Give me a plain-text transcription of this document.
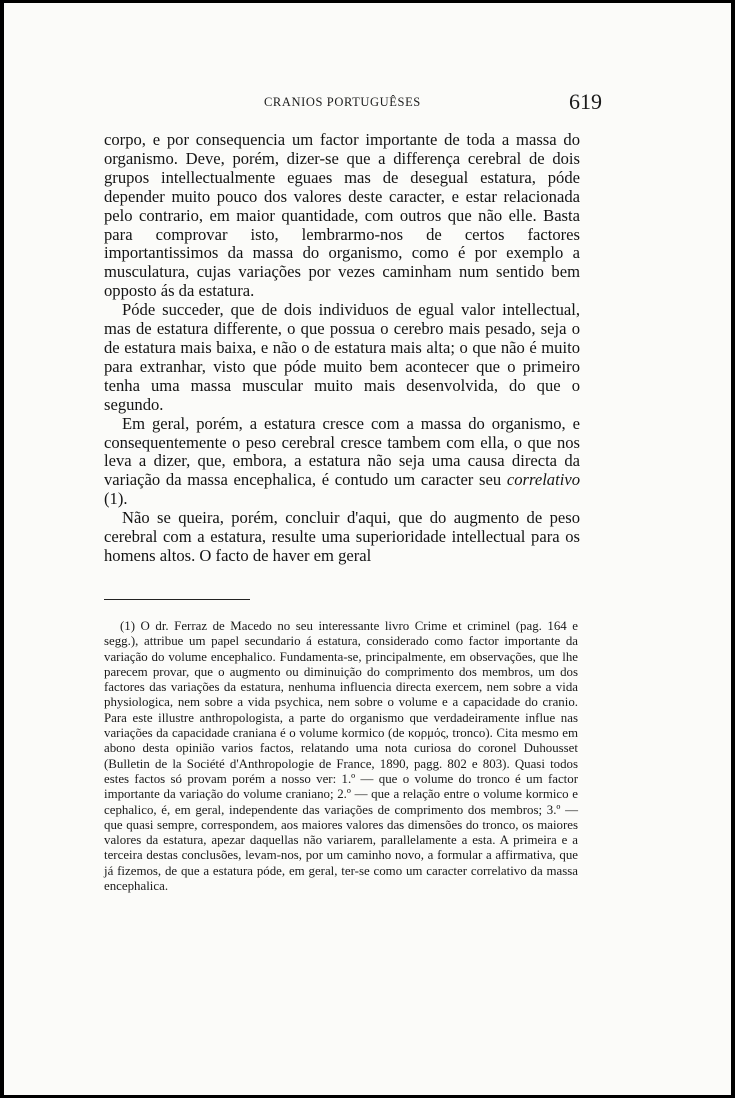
CRANIOS PORTUGUÊSES	619

corpo, e por consequencia um factor importante de toda a massa do organismo. Deve, porém, dizer-se que a differença cerebral de dois grupos intellectualmente eguaes mas de desegual estatura, póde depender muito pouco dos valores deste caracter, e estar relacionada pelo contrario, em maior quantidade, com outros que não elle. Basta para comprovar isto, lembrarmo-nos de certos factores importantissimos da massa do organismo, como é por exemplo a musculatura, cujas variações por vezes caminham num sentido bem opposto ás da estatura.

Póde succeder, que de dois individuos de egual valor intellectual, mas de estatura differente, o que possua o cerebro mais pesado, seja o de estatura mais baixa, e não o de estatura mais alta; o que não é muito para extranhar, visto que póde muito bem acontecer que o primeiro tenha uma massa muscular muito mais desenvolvida, do que o segundo.

Em geral, porém, a estatura cresce com a massa do organismo, e consequentemente o peso cerebral cresce tambem com ella, o que nos leva a dizer, que, embora, a estatura não seja uma causa directa da variação da massa encephalica, é contudo um caracter seu correlativo (1).

Não se queira, porém, concluir d'aqui, que do augmento de peso cerebral com a estatura, resulte uma superioridade intellectual para os homens altos. O facto de haver em geral

(1) O dr. Ferraz de Macedo no seu interessante livro Crime et criminel (pag. 164 e segg.), attribue um papel secundario á estatura, considerado como factor importante da variação do volume encephalico. Fundamenta-se, principalmente, em observações, que lhe parecem provar, que o augmento ou diminuição do comprimento dos membros, um dos factores das variações da estatura, nenhuma influencia directa exercem, nem sobre a vida physiologica, nem sobre a vida psychica, nem sobre o volume e a capacidade do cranio. Para este illustre anthropologista, a parte do organismo que verdadeiramente influe nas variações da capacidade craniana é o volume kormico (de κορμός, tronco). Cita mesmo em abono desta opinião varios factos, relatando uma nota curiosa do coronel Duhousset (Bulletin de la Société d'Anthropologie de France, 1890, pagg. 802 e 803). Quasi todos estes factos só provam porém a nosso ver: 1.º — que o volume do tronco é um factor importante da variação do volume craniano; 2.º — que a relação entre o volume kormico e cephalico, é, em geral, independente das variações de comprimento dos membros; 3.º — que quasi sempre, correspondem, aos maiores valores das dimensões do tronco, os maiores valores da estatura, apezar daquellas não variarem, parallelamente a esta. A primeira e a terceira destas conclusões, levam-nos, por um caminho novo, a formular a affirmativa, que já fizemos, de que a estatura póde, em geral, ter-se como um caracter correlativo da massa encephalica.
